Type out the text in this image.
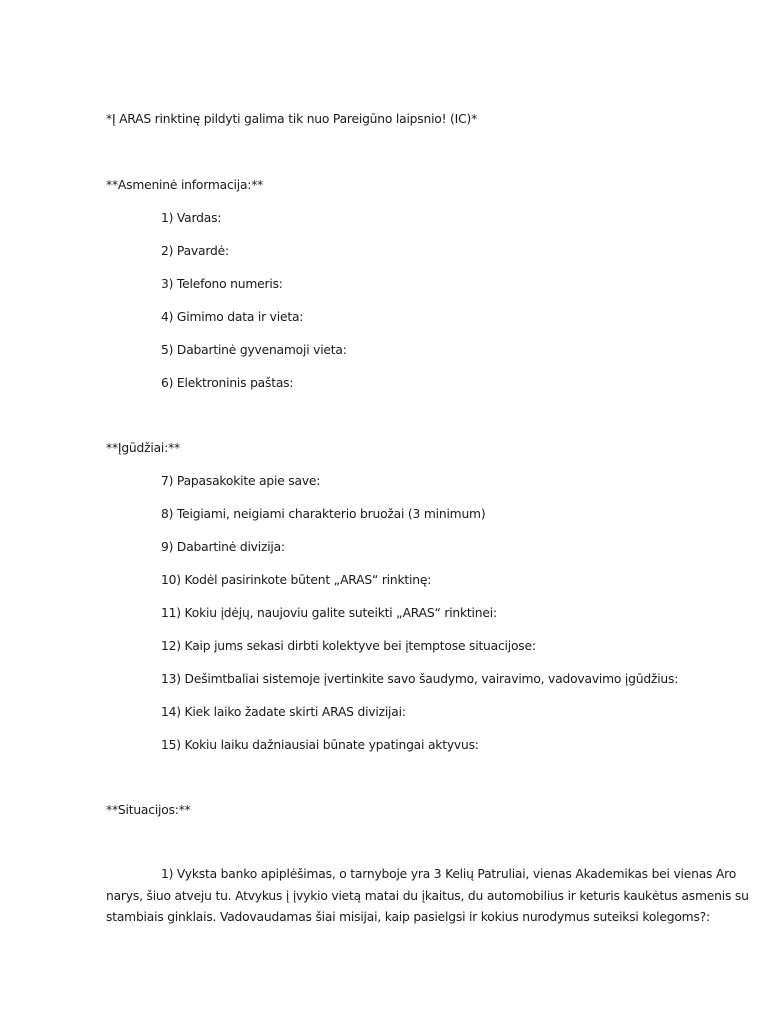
*Į ARAS rinktinę pildyti galima tik nuo Pareigūno laipsnio! (IC)*
**Asmeninė informacija:**
1) Vardas:
2) Pavardė:
3) Telefono numeris:
4) Gimimo data ir vieta:
5) Dabartinė gyvenamoji vieta:
6) Elektroninis paštas:
**Įgūdžiai:**
7) Papasakokite apie save:
8) Teigiami, neigiami charakterio bruožai (3 minimum)
9) Dabartinė divizija:
10) Kodėl pasirinkote būtent „ARAS“ rinktinę:
11) Kokiu įdėjų, naujoviu galite suteikti „ARAS“ rinktinei:
12) Kaip jums sekasi dirbti kolektyve bei įtemptose situacijose:
13) Dešimtbaliai sistemoje įvertinkite savo šaudymo, vairavimo, vadovavimo įgūdžius:
14) Kiek laiko žadate skirti ARAS divizijai:
15) Kokiu laiku dažniausiai būnate ypatingai aktyvus:
**Situacijos:**
1) Vyksta banko apiplėšimas, o tarnyboje yra 3 Kelių Patruliai, vienas Akademikas bei vienas Aro narys, šiuo atveju tu. Atvykus į įvykio vietą matai du įkaitus, du automobilius ir keturis kaukėtus asmenis su stambiais ginklais. Vadovaudamas šiai misijai, kaip pasielgsi ir kokius nurodymus suteiksi kolegoms?:
